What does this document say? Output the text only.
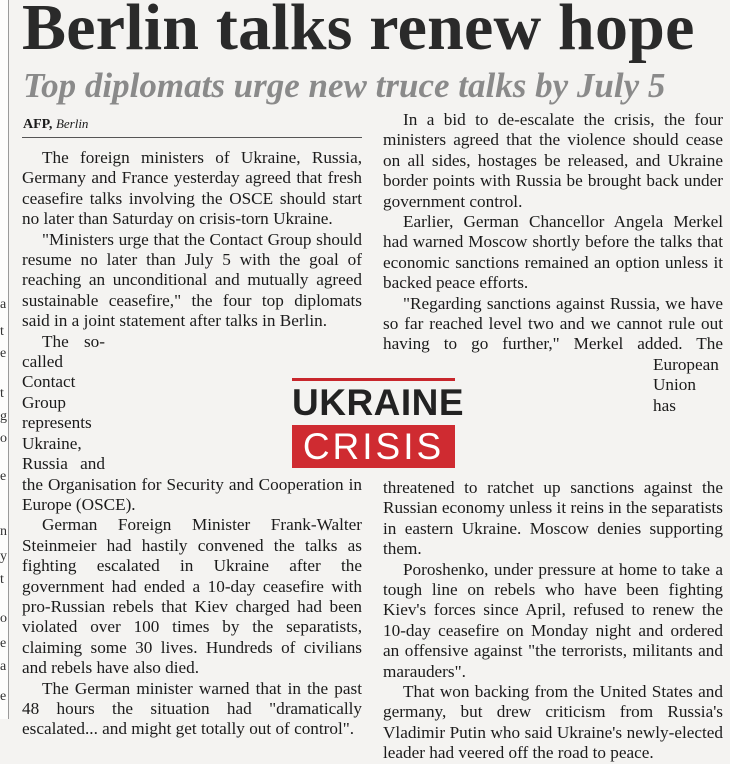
a
t
e
t
g
o
e
n
y
t
o
e
a
e
Berlin talks renew hope
Top diplomats urge new truce talks by July 5
AFP, Berlin

The foreign ministers of Ukraine, Russia, Germany and France yesterday agreed that fresh ceasefire talks involving the OSCE should start no later than Saturday on crisis-torn Ukraine.

"Ministers urge that the Contact Group should resume no later than July 5 with the goal of reaching an unconditional and mutually agreed sustainable ceasefire," the four top diplomats said in a joint statement after talks in Berlin.

The so-called Contact Group represents Ukraine, Russia and the Organisation for Security and Cooperation in Europe (OSCE).

German Foreign Minister Frank-Walter Steinmeier had hastily convened the talks as fighting escalated in Ukraine after the government had ended a 10-day ceasefire with pro-Russian rebels that Kiev charged had been violated over 100 times by the separatists, claiming some 30 lives. Hundreds of civilians and rebels have also died.

The German minister warned that in the past 48 hours the situation had "dramatically escalated... and might get totally out of control".

In a bid to de-escalate the crisis, the four ministers agreed that the violence should cease on all sides, hostages be released, and Ukraine border points with Russia be brought back under government control.

Earlier, German Chancellor Angela Merkel had warned Moscow shortly before the talks that economic sanctions remained an option unless it backed peace efforts.

"Regarding sanctions against Russia, we have so far reached level two and we cannot rule out having to go further," Merkel
added. The European Union has threatened to ratchet up sanctions against the Russian economy unless it reins in the separatists in eastern Ukraine. Moscow denies supporting them.

Poroshenko, under pressure at home to take a tough line on rebels who have been fighting Kiev's forces since April, refused to renew the 10-day ceasefire on Monday night and ordered an offensive against "the terrorists, militants and marauders".

That won backing from the United States and germany, but drew criticism from Russia's Vladimir Putin who said Ukraine's newly-elected leader had veered off the road to peace.

UKRAINE
CRISIS
